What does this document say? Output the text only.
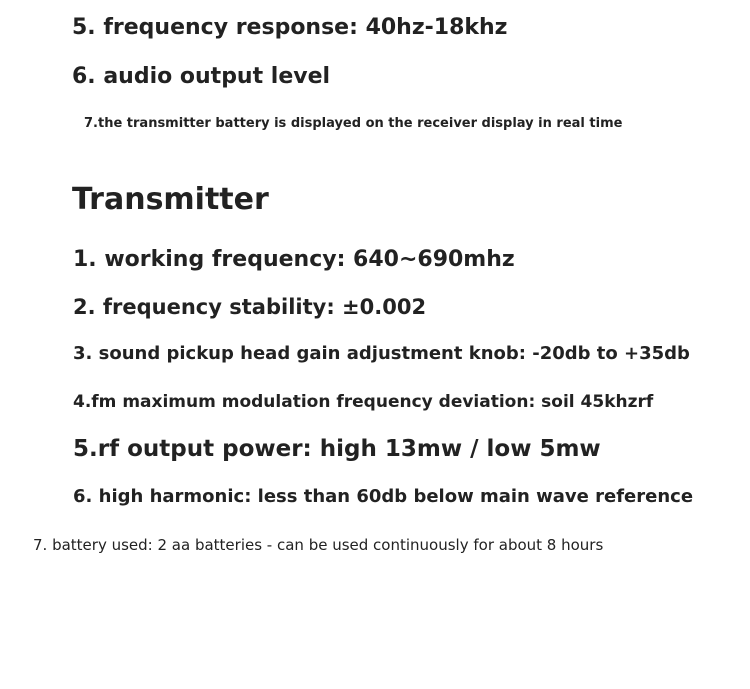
5. frequency response: 40hz-18khz
6. audio output level
7.the transmitter battery is displayed on the receiver display in real time
Transmitter
1. working frequency: 640~690mhz
2. frequency stability: ±0.002
3. sound pickup head gain adjustment knob: -20db to +35db
4.fm maximum modulation frequency deviation: soil 45khzrf
5.rf output power: high 13mw / low 5mw
6. high harmonic: less than 60db below main wave reference
7. battery used: 2 aa batteries - can be used continuously for about 8 hours
